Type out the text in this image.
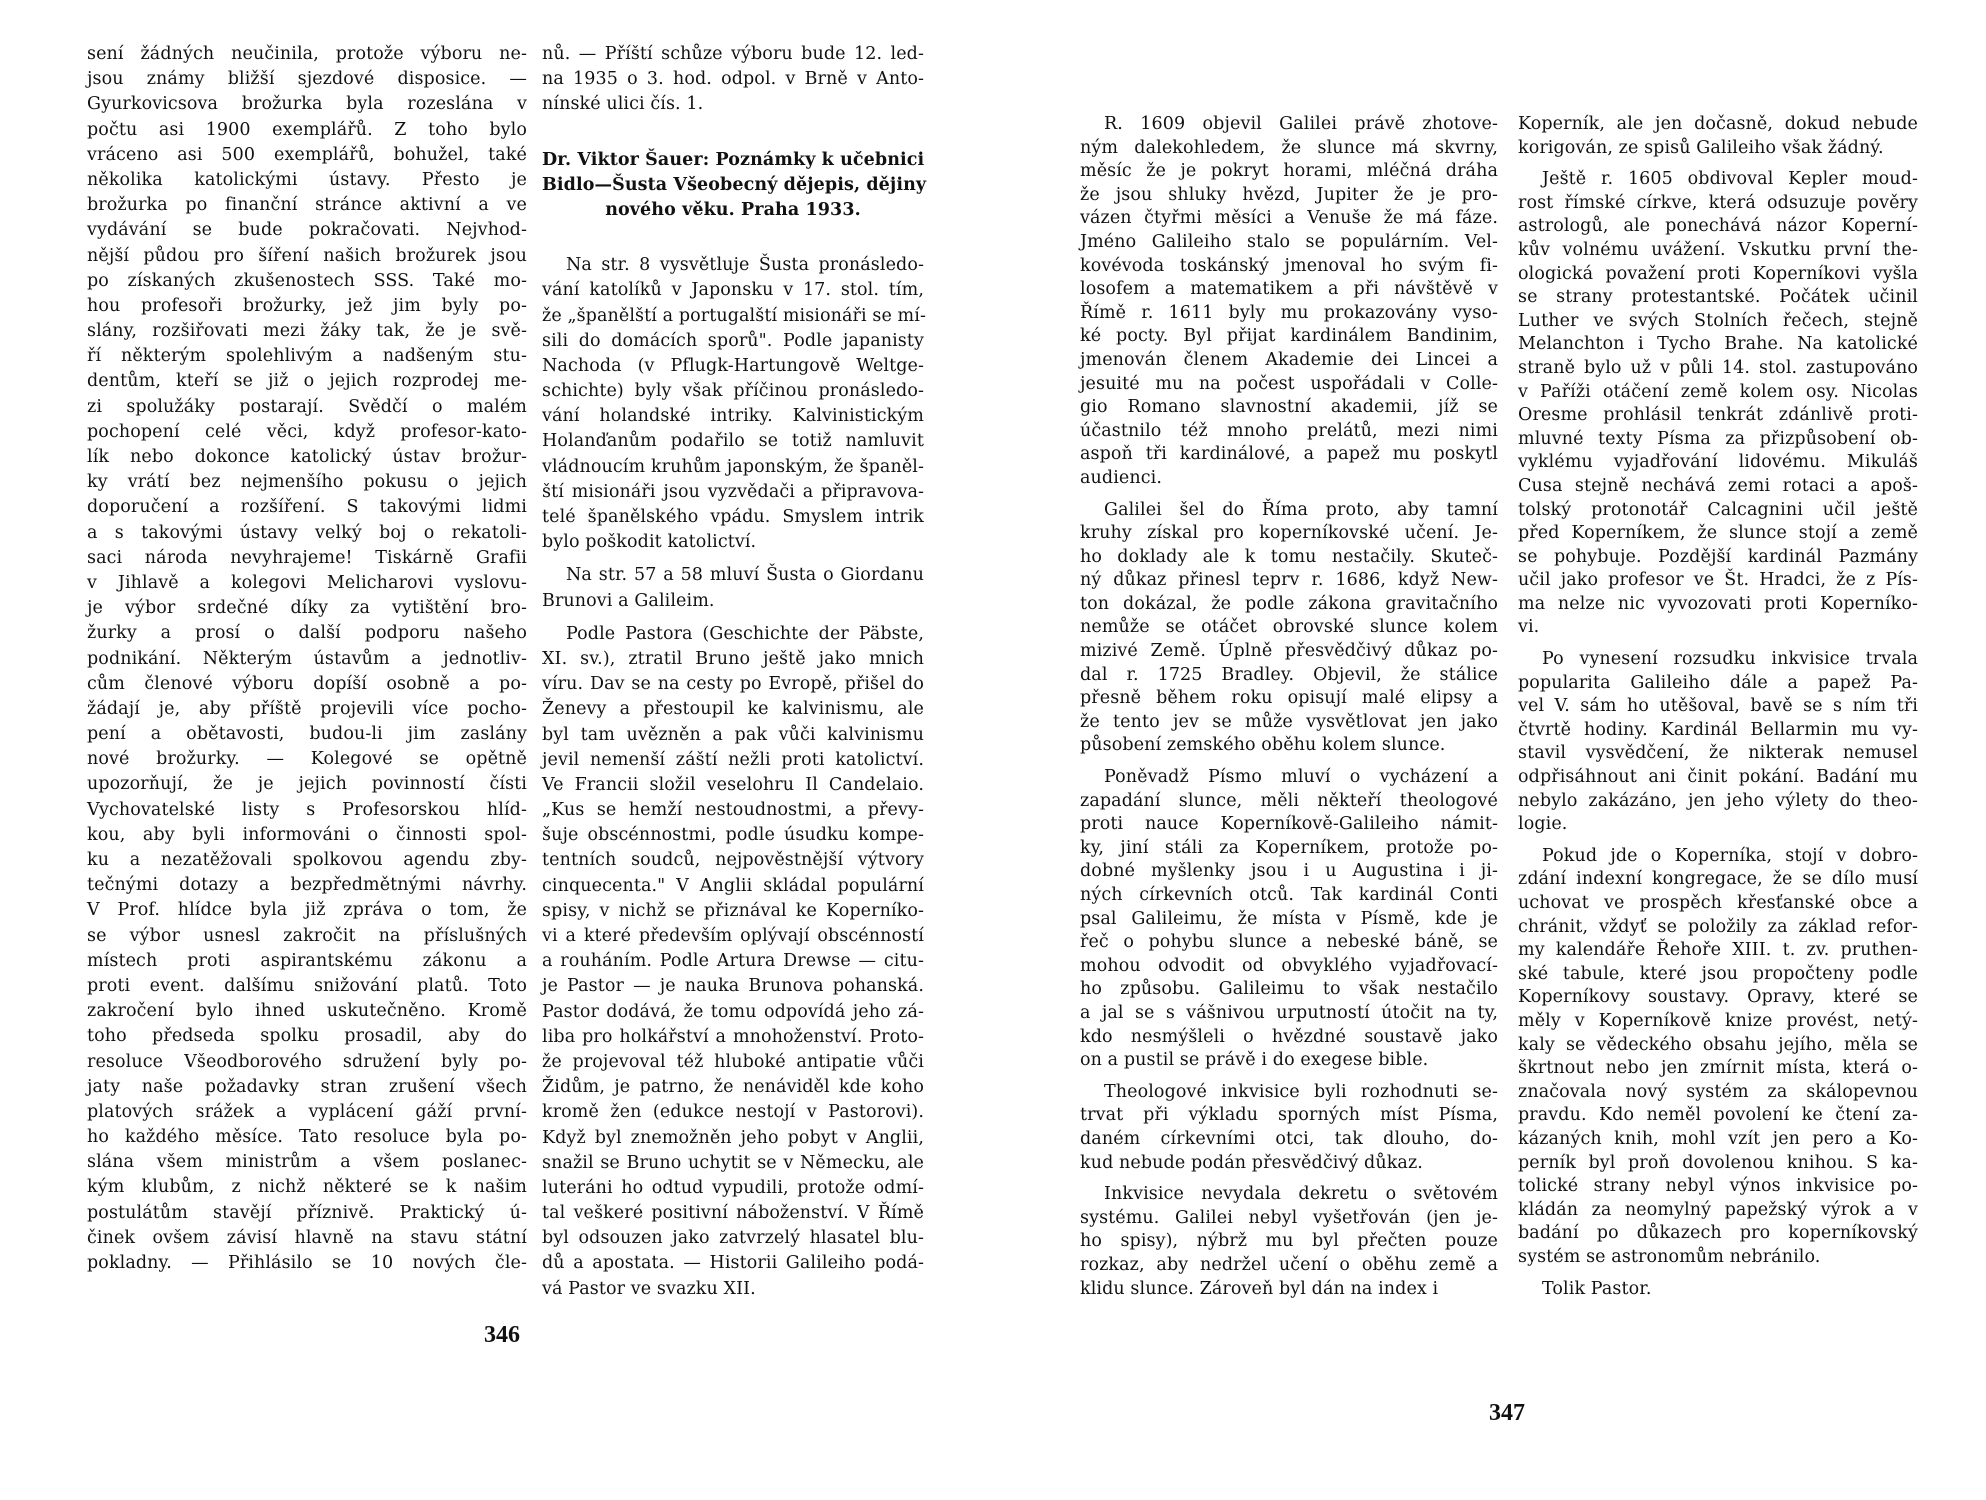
sení žádných neučinila, protože výboru ne-
jsou známy bližší sjezdové disposice. —
Gyurkovicsova brožurka byla rozeslána v
počtu asi 1900 exemplářů. Z toho bylo
vráceno asi 500 exemplářů, bohužel, také
několika katolickými ústavy. Přesto je
brožurka po finanční stránce aktivní a ve
vydávání se bude pokračovati. Nejvhod-
nější půdou pro šíření našich brožurek jsou
po získaných zkušenostech SSS. Také mo-
hou profesoři brožurky, jež jim byly po-
slány, rozšiřovati mezi žáky tak, že je svě-
ří některým spolehlivým a nadšeným stu-
dentům, kteří se již o jejich rozprodej me-
zi spolužáky postarají. Svědčí o malém
pochopení celé věci, když profesor-kato-
lík nebo dokonce katolický ústav brožur-
ky vrátí bez nejmenšího pokusu o jejich
doporučení a rozšíření. S takovými lidmi
a s takovými ústavy velký boj o rekatoli-
saci národa nevyhrajeme! Tiskárně Grafii
v Jihlavě a kolegovi Melicharovi vyslovu-
je výbor srdečné díky za vytištění bro-
žurky a prosí o další podporu našeho
podnikání. Některým ústavům a jednotliv-
cům členové výboru dopíší osobně a po-
žádají je, aby příště projevili více pocho-
pení a obětavosti, budou-li jim zaslány
nové brožurky. — Kolegové se opětně
upozorňují, že je jejich povinností čísti
Vychovatelské listy s Profesorskou hlíd-
kou, aby byli informováni o činnosti spol-
ku a nezatěžovali spolkovou agendu zby-
tečnými dotazy a bezpředmětnými návrhy.
V Prof. hlídce byla již zpráva o tom, že
se výbor usnesl zakročit na příslušných
místech proti aspirantskému zákonu a
proti event. dalšímu snižování platů. Toto
zakročení bylo ihned uskutečněno. Kromě
toho předseda spolku prosadil, aby do
resoluce Všeodborového sdružení byly po-
jaty naše požadavky stran zrušení všech
platových srážek a vyplácení gáží první-
ho každého měsíce. Tato resoluce byla po-
slána všem ministrům a všem poslanec-
kým klubům, z nichž některé se k našim
postulátům stavějí příznivě. Praktický ú-
činek ovšem závisí hlavně na stavu státní
pokladny. — Přihlásilo se 10 nových čle-
nů. — Příští schůze výboru bude 12. led-
na 1935 o 3. hod. odpol. v Brně v Anto-
nínské ulici čís. 1.
Dr. Viktor Šauer: Poznámky k učebnici
Bidlo—Šusta Všeobecný dějepis, dějiny
nového věku. Praha 1933.
Na str. 8 vysvětluje Šusta pronásledo-
vání katolíků v Japonsku v 17. stol. tím,
že „španělští a portugalští misionáři se mí-
sili do domácích sporů". Podle japanisty
Nachoda (v Pflugk-Hartungově Weltge-
schichte) byly však příčinou pronásledo-
vání holandské intriky. Kalvinistickým
Holanďanům podařilo se totiž namluvit
vládnoucím kruhům japonským, že španěl-
ští misionáři jsou vyzvědači a připravova-
telé španělského vpádu. Smyslem intrik
bylo poškodit katolictví.
Na str. 57 a 58 mluví Šusta o Giordanu
Brunovi a Galileim.
Podle Pastora (Geschichte der Päbste,
XI. sv.), ztratil Bruno ještě jako mnich
víru. Dav se na cesty po Evropě, přišel do
Ženevy a přestoupil ke kalvinismu, ale
byl tam uvězněn a pak vůči kalvinismu
jevil nemenší záští nežli proti katolictví.
Ve Francii složil veselohru Il Candelaio.
„Kus se hemží nestoudnostmi, a převy-
šuje obscénnostmi, podle úsudku kompe-
tentních soudců, nejpověstnější výtvory
cinquecenta." V Anglii skládal populární
spisy, v nichž se přiznával ke Koperníko-
vi a které především oplývají obscénností
a rouháním. Podle Artura Drewse — citu-
je Pastor — je nauka Brunova pohanská.
Pastor dodává, že tomu odpovídá jeho zá-
liba pro holkářství a mnohoženství. Proto-
že projevoval též hluboké antipatie vůči
Židům, je patrno, že nenáviděl kde koho
kromě žen (edukce nestojí v Pastorovi).
Když byl znemožněn jeho pobyt v Anglii,
snažil se Bruno uchytit se v Německu, ale
luteráni ho odtud vypudili, protože odmí-
tal veškeré positivní náboženství. V Římě
byl odsouzen jako zatvrzelý hlasatel blu-
dů a apostata. — Historii Galileiho podá-
vá Pastor ve svazku XII.
346
R. 1609 objevil Galilei právě zhotove-
ným dalekohledem, že slunce má skvrny,
měsíc že je pokryt horami, mléčná dráha
že jsou shluky hvězd, Jupiter že je pro-
vázen čtyřmi měsíci a Venuše že má fáze.
Jméno Galileiho stalo se populárním. Vel-
kovévoda toskánský jmenoval ho svým fi-
losofem a matematikem a při návštěvě v
Římě r. 1611 byly mu prokazovány vyso-
ké pocty. Byl přijat kardinálem Bandinim,
jmenován členem Akademie dei Lincei a
jesuité mu na počest uspořádali v Colle-
gio Romano slavnostní akademii, jíž se
účastnilo též mnoho prelátů, mezi nimi
aspoň tři kardinálové, a papež mu poskytl
audienci.
Galilei šel do Říma proto, aby tamní
kruhy získal pro koperníkovské učení. Je-
ho doklady ale k tomu nestačily. Skuteč-
ný důkaz přinesl teprv r. 1686, když New-
ton dokázal, že podle zákona gravitačního
nemůže se otáčet obrovské slunce kolem
mizivé Země. Úplně přesvědčivý důkaz po-
dal r. 1725 Bradley. Objevil, že stálice
přesně během roku opisují malé elipsy a
že tento jev se může vysvětlovat jen jako
působení zemského oběhu kolem slunce.
Poněvadž Písmo mluví o vycházení a
zapadání slunce, měli někteří theologové
proti nauce Koperníkově-Galileiho námit-
ky, jiní stáli za Koperníkem, protože po-
dobné myšlenky jsou i u Augustina i ji-
ných církevních otců. Tak kardinál Conti
psal Galileimu, že místa v Písmě, kde je
řeč o pohybu slunce a nebeské báně, se
mohou odvodit od obvyklého vyjadřovací-
ho způsobu. Galileimu to však nestačilo
a jal se s vášnivou urputností útočit na ty,
kdo nesmýšleli o hvězdné soustavě jako
on a pustil se právě i do exegese bible.
Theologové inkvisice byli rozhodnuti se-
trvat při výkladu sporných míst Písma,
daném církevními otci, tak dlouho, do-
kud nebude podán přesvědčivý důkaz.
Inkvisice nevydala dekretu o světovém
systému. Galilei nebyl vyšetřován (jen je-
ho spisy), nýbrž mu byl přečten pouze
rozkaz, aby nedržel učení o oběhu země a
klidu slunce. Zároveň byl dán na index i
Koperník, ale jen dočasně, dokud nebude
korigován, ze spisů Galileiho však žádný.
Ještě r. 1605 obdivoval Kepler moud-
rost římské církve, která odsuzuje pověry
astrologů, ale ponechává názor Koperní-
kův volnému uvážení. Vskutku první the-
ologická považení proti Koperníkovi vyšla
se strany protestantské. Počátek učinil
Luther ve svých Stolních řečech, stejně
Melanchton i Tycho Brahe. Na katolické
straně bylo už v půli 14. stol. zastupováno
v Paříži otáčení země kolem osy. Nicolas
Oresme prohlásil tenkrát zdánlivě proti-
mluvné texty Písma za přizpůsobení ob-
vyklému vyjadřování lidovému. Mikuláš
Cusa stejně nechává zemi rotaci a apoš-
tolský protonotář Calcagnini učil ještě
před Koperníkem, že slunce stojí a země
se pohybuje. Pozdější kardinál Pazmány
učil jako profesor ve Št. Hradci, že z Pís-
ma nelze nic vyvozovati proti Koperníko-
vi.
Po vynesení rozsudku inkvisice trvala
popularita Galileiho dále a papež Pa-
vel V. sám ho utěšoval, bavě se s ním tři
čtvrtě hodiny. Kardinál Bellarmin mu vy-
stavil vysvědčení, že nikterak nemusel
odpřisáhnout ani činit pokání. Badání mu
nebylo zakázáno, jen jeho výlety do theo-
logie.
Pokud jde o Koperníka, stojí v dobro-
zdání indexní kongregace, že se dílo musí
uchovat ve prospěch křesťanské obce a
chránit, vždyť se položily za základ refor-
my kalendáře Řehoře XIII. t. zv. pruthen-
ské tabule, které jsou propočteny podle
Koperníkovy soustavy. Opravy, které se
měly v Koperníkově knize provést, netý-
kaly se vědeckého obsahu jejího, měla se
škrtnout nebo jen zmírnit místa, která o-
značovala nový systém za skálopevnou
pravdu. Kdo neměl povolení ke čtení za-
kázaných knih, mohl vzít jen pero a Ko-
perník byl proň dovolenou knihou. S ka-
tolické strany nebyl výnos inkvisice po-
kládán za neomylný papežský výrok a v
badání po důkazech pro koperníkovský
systém se astronomům nebránilo.
Tolik Pastor.
347
